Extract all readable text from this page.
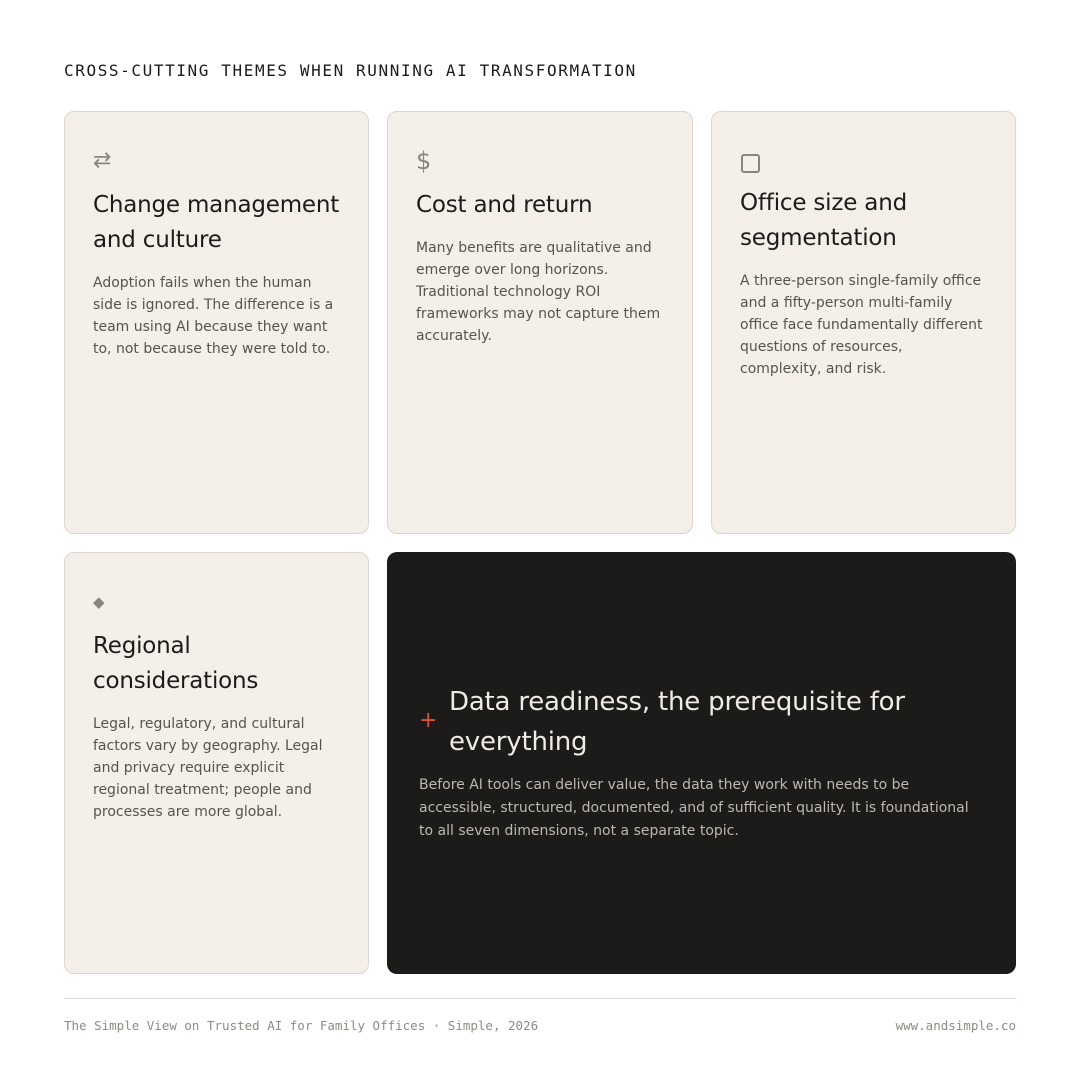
CROSS-CUTTING THEMES WHEN RUNNING AI TRANSFORMATION
⇄
Change management and culture
Adoption fails when the human side is ignored. The difference is a team using AI because they want to, not because they were told to.
$
Cost and return
Many benefits are qualitative and emerge over long horizons. Traditional technology ROI frameworks may not capture them accurately.
Office size and segmentation
A three-person single-family office and a fifty-person multi-family office face fundamentally different questions of resources, complexity, and risk.
◆
Regional considerations
Legal, regulatory, and cultural factors vary by geography. Legal and privacy require explicit regional treatment; people and processes are more global.
+
Data readiness, the prerequisite for everything
Before AI tools can deliver value, the data they work with needs to be accessible, structured, documented, and of sufficient quality. It is foundational to all seven dimensions, not a separate topic.
The Simple View on Trusted AI for Family Offices · Simple, 2026	www.andsimple.co
